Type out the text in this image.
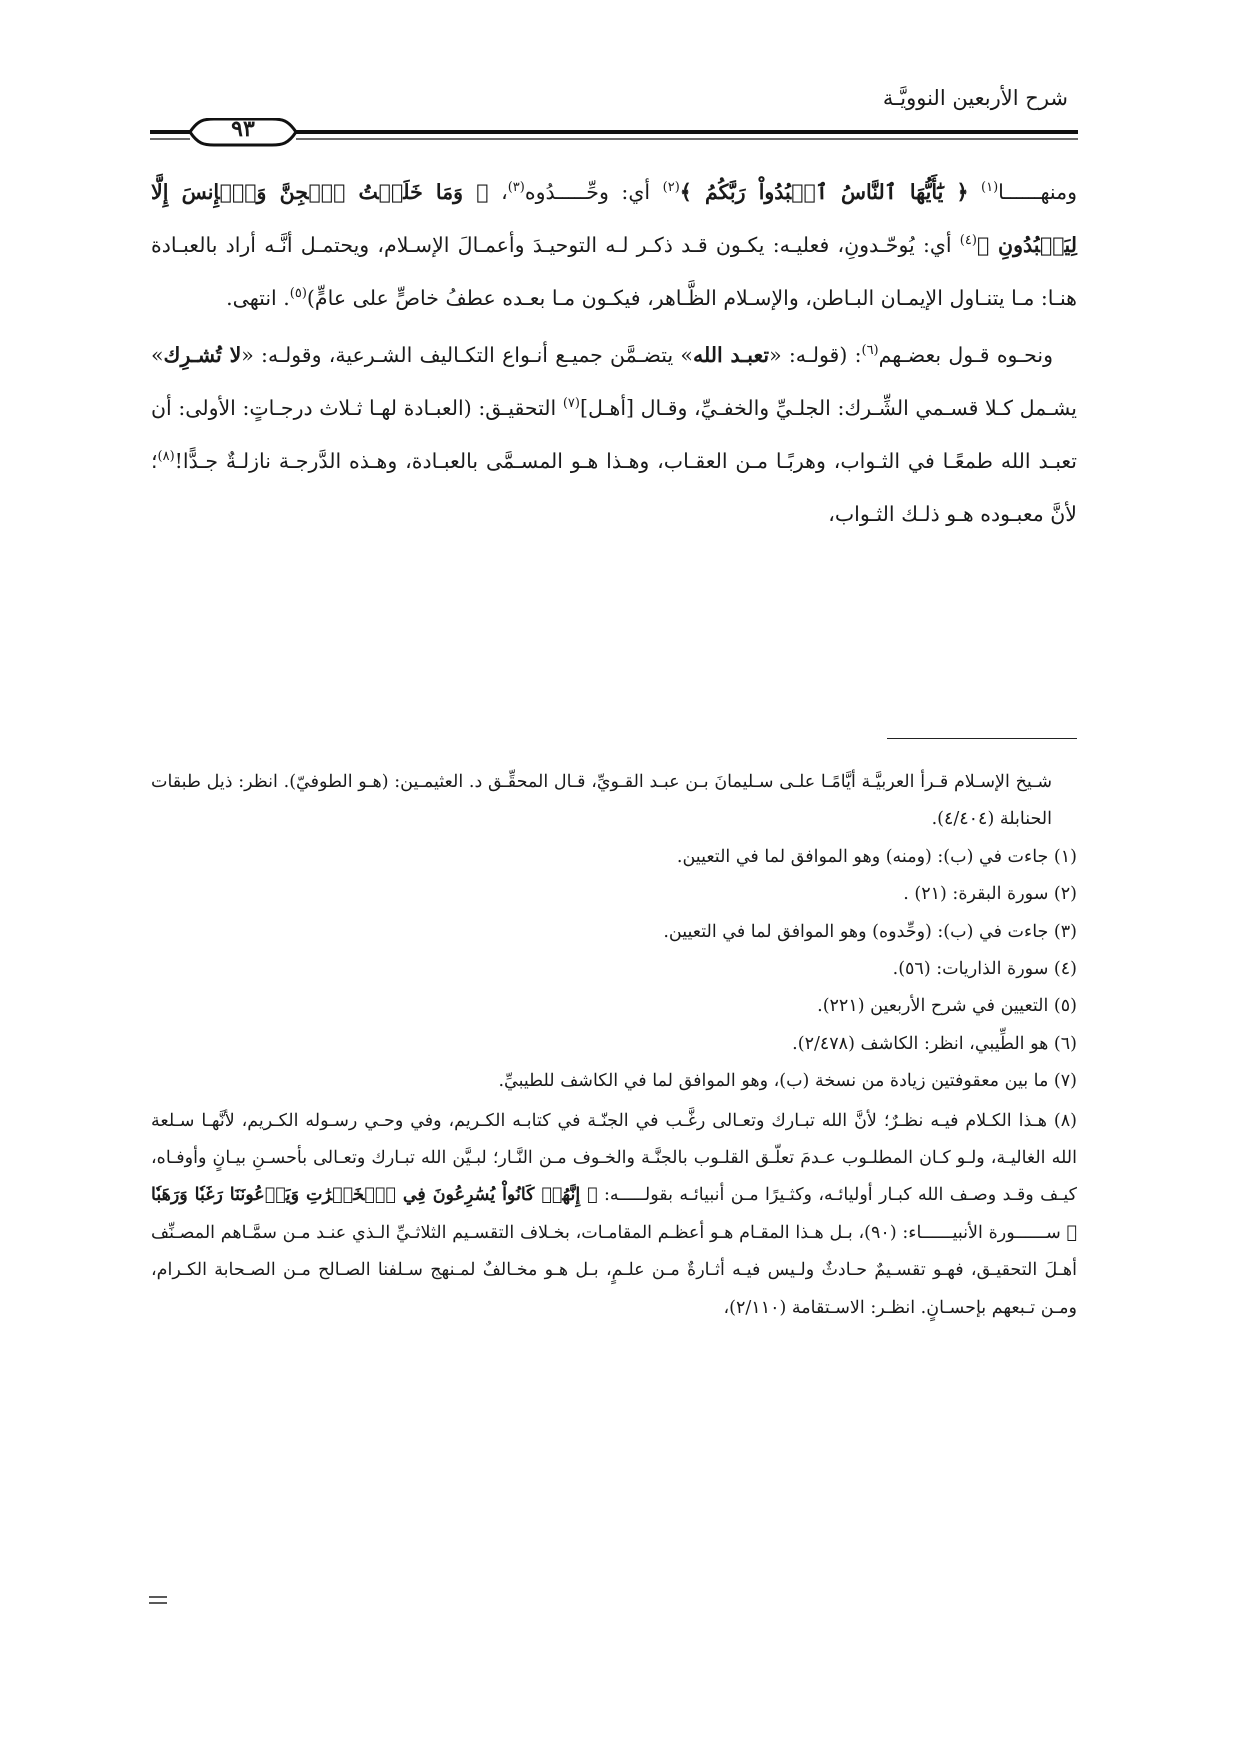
شرح الأربعين النوويَّـة
٩٣

ومنهــــــا$^{(١)}$ ﴿ يَٰٓأَيُّهَا ٱلنَّاسُ ٱعۡبُدُواْ رَبَّكُمُ ﴾$^{(٢)}$ أي: وحِّـــــدُوه$^{(٣)}$، ﴿ وَمَا خَلَقۡتُ ٱلۡجِنَّ وَٱلۡإِنسَ إِلَّا لِيَعۡبُدُونِ ﴾$^{(٤)}$ أي: يُوحّـدونِ، فعليـه: يكـون قـد ذكـر لـه التوحيـدَ وأعمـالَ الإسـلام، ويحتمـل أنَّـه أراد بالعبـادة هنـا: مـا يتنـاول الإيمـان البـاطن، والإسـلام الظَّـاهر، فيكـون مـا بعـده عطفُ خاصٍّ على عامٍّ)$^{(٥)}$. انتهى.

ونحـوه قـول بعضـهم$^{(٦)}$: (قولـه: «تعبـد الله» يتضـمَّن جميـع أنـواع التكـاليف الشـرعية، وقولـه: «لا تُشـرِك» يشـمل كـلا قسـمي الشِّـرك: الجلـيِّ والخفـيِّ، وقـال [أهـل]$^{(٧)}$ التحقيـق: (العبـادة لهـا ثـلاث درجـاتٍ: الأولى: أن تعبـد الله طمعًـا في الثـواب، وهربًـا مـن العقـاب، وهـذا هـو المسـمَّى بالعبـادة، وهـذه الدَّرجـة نازلـةٌ جـدًّا!$^{(٨)}$؛ لأنَّ معبـوده هـو ذلـك الثـواب،

شـيخ الإسـلام قـرأ العربيَّـة أيَّامًـا علـى سـليمانَ بـن عبـد القـويِّ، قـال المحقِّـق د. العثيمـين: (هـو الطوفيّ). انظر: ذيل طبقات الحنابلة (٤/٤٠٤).

(١) جاءت في (ب): (ومنه) وهو الموافق لما في التعيين.

(٢) سورة البقرة: (٢١) .

(٣) جاءت في (ب): (وحِّدوه) وهو الموافق لما في التعيين.

(٤) سورة الذاريات: (٥٦).

(٥) التعيين في شرح الأربعين (٢٢١).

(٦) هو الطِّيبي، انظر: الكاشف (٢/٤٧٨).

(٧) ما بين معقوفتين زيادة من نسخة (ب)، وهو الموافق لما في الكاشف للطيبيِّ.

(٨) هـذا الكـلام فيـه نظـرٌ؛ لأنَّ الله تبـارك وتعـالى رغَّـب في الجنّـة في كتابـه الكـريم، وفي وحـي رسـوله الكـريم، لأنَّهـا سـلعة الله الغاليـة، ولـو كـان المطلـوب عـدمَ تعلّـق القلـوب بالجنَّـة والخـوف مـن النَّـار؛ لبـيَّن الله تبـارك وتعـالى بأحسـنِ بيـانٍ وأوفـاه، كيـف وقـد وصـف الله كبـار أوليائـه، وكثـيرًا مـن أنبيائـه بقولـــــه: ﴿ إِنَّهُمۡ كَانُواْ يُسَٰرِعُونَ فِي ٱلۡخَيۡرَٰتِ وَيَدۡعُونَنَا رَغَبٗا وَرَهَبٗا ﴾ ســــــورة الأنبيــــــاء: (٩٠)، بـل هـذا المقـام هـو أعظـم المقامـات، بخـلاف التقسـيم الثلاثـيِّ الـذي عنـد مـن سمَّـاهم المصـنِّف أهـلَ التحقيـق، فهـو تقسـيمٌ حـادثٌ ولـيس فيـه أثـارةٌ مـن علـمٍ، بـل هـو مخـالفٌ لمـنهج سـلفنا الصـالح مـن الصـحابة الكـرام، ومـن تـبعهم بإحسـانٍ. انظـر: الاسـتقامة (٢/١١٠)،
